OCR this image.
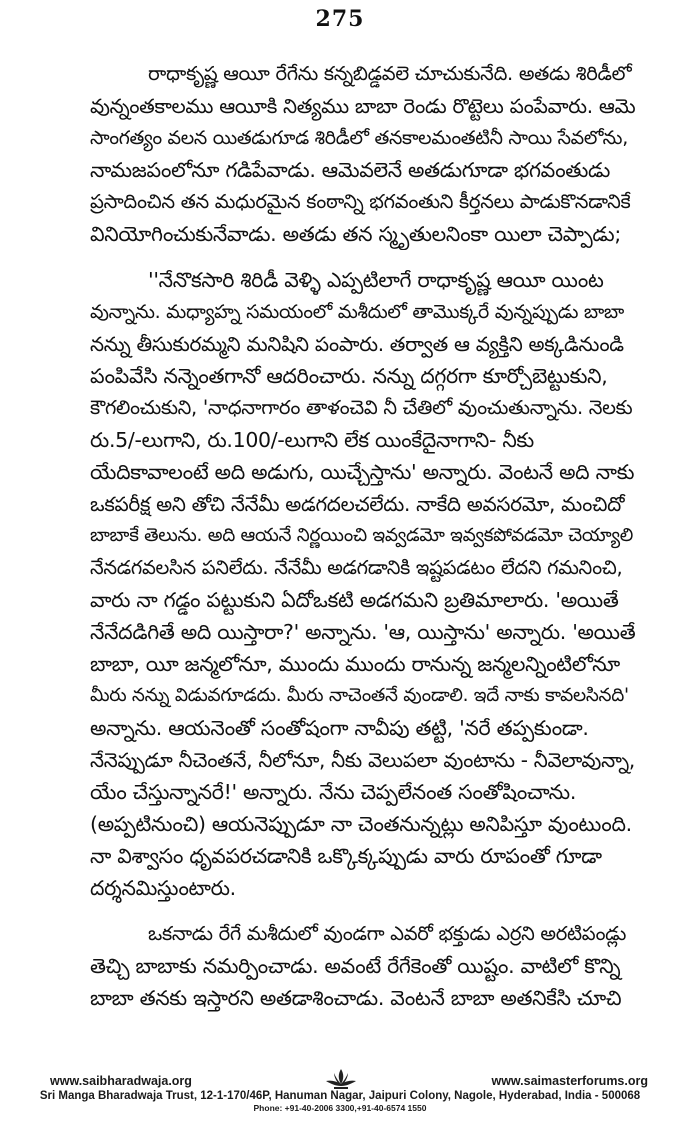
275
రాధాకృష్ణ ఆయీ రేగేను కన్నబిడ్డవలె చూచుకునేది. అతడు శిరిడీలో
వున్నంతకాలము ఆయీకి నిత్యము బాబా రెండు రొట్టెలు పంపేవారు. ఆమె
సాంగత్యం వలన యితడుగూడ శిరిడీలో తనకాలమంతటినీ సాయి సేవలోను,
నామజపంలోనూ గడిపేవాడు. ఆమెవలెనే అతడుగూడా భగవంతుడు
ప్రసాదించిన తన మధురమైన కంఠాన్ని భగవంతుని కీర్తనలు పాడుకొనడానికే
వినియోగించుకునేవాడు. అతడు తన స్మృతులనింకా యిలా చెప్పాడు;
''నేనొకసారి శిరిడీ వెళ్ళి ఎప్పటిలాగే రాధాకృష్ణ ఆయీ యింట
వున్నాను. మధ్యాహ్న సమయంలో మశీదులో తామొక్కరే వున్నప్పుడు బాబా
నన్ను తీసుకురమ్మని మనిషిని పంపారు. తర్వాత ఆ వ్యక్తిని అక్కడినుండి
పంపివేసి నన్నెంతగానో ఆదరించారు. నన్ను దగ్గరగా కూర్చోబెట్టుకుని,
కౌగలించుకుని, 'నాధనాగారం తాళంచెవి నీ చేతిలో వుంచుతున్నాను. నెలకు
రు.5/-లుగాని, రు.100/-లుగాని లేక యింకేదైనాగాని- నీకు
యేదికావాలంటే అది అడుగు, యిచ్చేస్తాను' అన్నారు. వెంటనే అది నాకు
ఒకపరీక్ష అని తోచి నేనేమీ అడగదలచలేదు. నాకేది అవసరమో, మంచిదో
బాబాకే తెలును. అది ఆయనే నిర్ణయించి ఇవ్వడమో ఇవ్వకపోవడమో చెయ్యాలి
నేనడగవలసిన పనిలేదు. నేనేమీ అడగడానికి ఇష్టపడటం లేదని గమనించి,
వారు నా గడ్డం పట్టుకుని ఏదోఒకటి అడగమని బ్రతిమాలారు. 'అయితే
నేనేదడిగితే అది యిస్తారా?' అన్నాను. 'ఆ, యిస్తాను' అన్నారు. 'అయితే
బాబా, యీ జన్మలోనూ, ముందు ముందు రానున్న జన్మలన్నింటిలోనూ
మీరు నన్ను విడువగూడదు. మీరు నాచెంతనే వుండాలి. ఇదే నాకు కావలసినది'
అన్నాను. ఆయనెంతో సంతోషంగా నావీపు తట్టి, 'నరే తప్పకుండా.
నేనెప్పుడూ నీచెంతనే, నీలోనూ, నీకు వెలుపలా వుంటాను - నీవెలావున్నా,
యేం చేస్తున్నానరే!' అన్నారు. నేను చెప్పలేనంత సంతోషించాను.
(అప్పటినుంచి) ఆయనెప్పుడూ నా చెంతనున్నట్లు అనిపిస్తూ వుంటుంది.
నా విశ్వాసం ధృవపరచడానికి ఒక్కొక్కప్పుడు వారు రూపంతో గూడా
దర్శనమిస్తుంటారు.
ఒకనాడు రేగే మశీదులో వుండగా ఎవరో భక్తుడు ఎర్రని అరటిపండ్లు
తెచ్చి బాబాకు నమర్పించాడు. అవంటే రేగేకెంతో యిష్టం. వాటిలో కొన్ని
బాబా తనకు ఇస్తారని అతడాశించాడు. వెంటనే బాబా అతనికేసి చూచి
www.saibharadwaja.org	www.saimasterforums.org
Sri Manga Bharadwaja Trust, 12-1-170/46P, Hanuman Nagar, Jaipuri Colony, Nagole, Hyderabad, India - 500068
Phone: +91-40-2006 3300,+91-40-6574 1550
